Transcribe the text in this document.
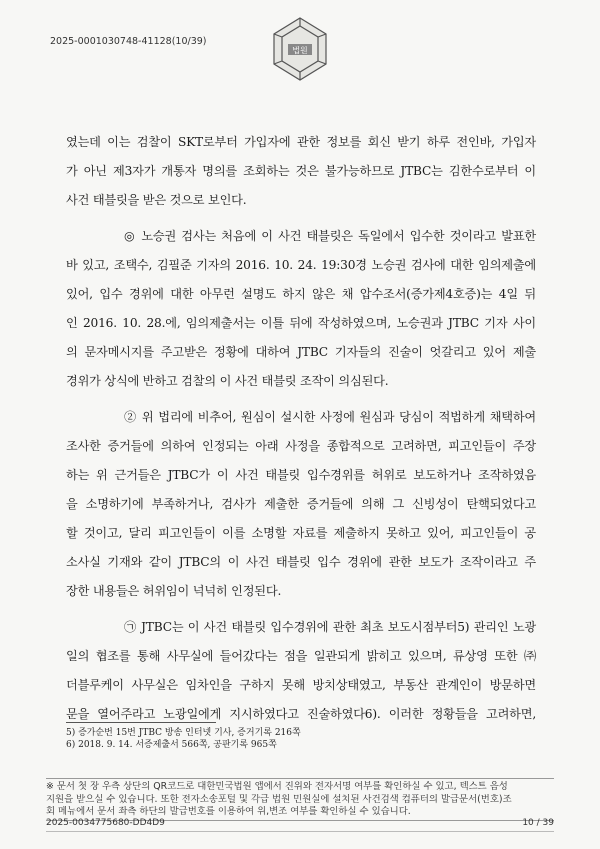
2025-0001030748-41128(10/39)
법원

였는데 이는 검찰이 SKT로부터 가입자에 관한 정보를 회신 받기 하루 전인바, 가입자

가 아닌 제3자가 개통자 명의를 조회하는 것은 불가능하므로 JTBC는 김한수로부터 이

사건 태블릿을 받은 것으로 보인다.

◎ 노승권 검사는 처음에 이 사건 태블릿은 독일에서 입수한 것이라고 발표한

바 있고, 조택수, 김필준 기자의 2016. 10. 24. 19:30경 노승권 검사에 대한 임의제출에

있어, 입수 경위에 대한 아무런 설명도 하지 않은 채 압수조서(증가제4호증)는 4일 뒤

인 2016. 10. 28.에, 임의제출서는 이틀 뒤에 작성하였으며, 노승권과 JTBC 기자 사이

의 문자메시지를 주고받은 정황에 대하여 JTBC 기자들의 진술이 엇갈리고 있어 제출

경위가 상식에 반하고 검찰의 이 사건 태블릿 조작이 의심된다.

② 위 법리에 비추어, 원심이 설시한 사정에 원심과 당심이 적법하게 채택하여

조사한 증거들에 의하여 인정되는 아래 사정을 종합적으로 고려하면, 피고인들이 주장

하는 위 근거들은 JTBC가 이 사건 태블릿 입수경위를 허위로 보도하거나 조작하였음

을 소명하기에 부족하거나, 검사가 제출한 증거들에 의해 그 신빙성이 탄핵되었다고

할 것이고, 달리 피고인들이 이를 소명할 자료를 제출하지 못하고 있어, 피고인들이 공

소사실 기재와 같이 JTBC의 이 사건 태블릿 입수 경위에 관한 보도가 조작이라고 주

장한 내용들은 허위임이 넉넉히 인정된다.

㉠ JTBC는 이 사건 태블릿 입수경위에 관한 최초 보도시점부터5) 관리인 노광

일의 협조를 통해 사무실에 들어갔다는 점을 일관되게 밝히고 있으며, 류상영 또한 ㈜

더블루케이 사무실은 임차인을 구하지 못해 방치상태였고, 부동산 관계인이 방문하면

문을 열어주라고 노광일에게 지시하였다고 진술하였다6). 이러한 정황들을 고려하면,

5) 증가순번 15번 JTBC 방송 인터넷 기사, 증거기록 216쪽
6) 2018. 9. 14. 서증제출서 566쪽, 공판기록 965쪽
※ 문서 첫 장 우측 상단의 QR코드로 대한민국법원 앱에서 진위와 전자서명 여부를 확인하실 수 있고, 텍스트 음성
지원을 받으실 수 있습니다. 또한 전자소송포털 및 각급 법원 민원실에 설치된 사건검색 컴퓨터의 발급문서(번호)조
회 메뉴에서 문서 좌측 하단의 발급번호를 이용하여 위,변조 여부를 확인하실 수 있습니다.
2025-0034775680-DD4D9	10 / 39
